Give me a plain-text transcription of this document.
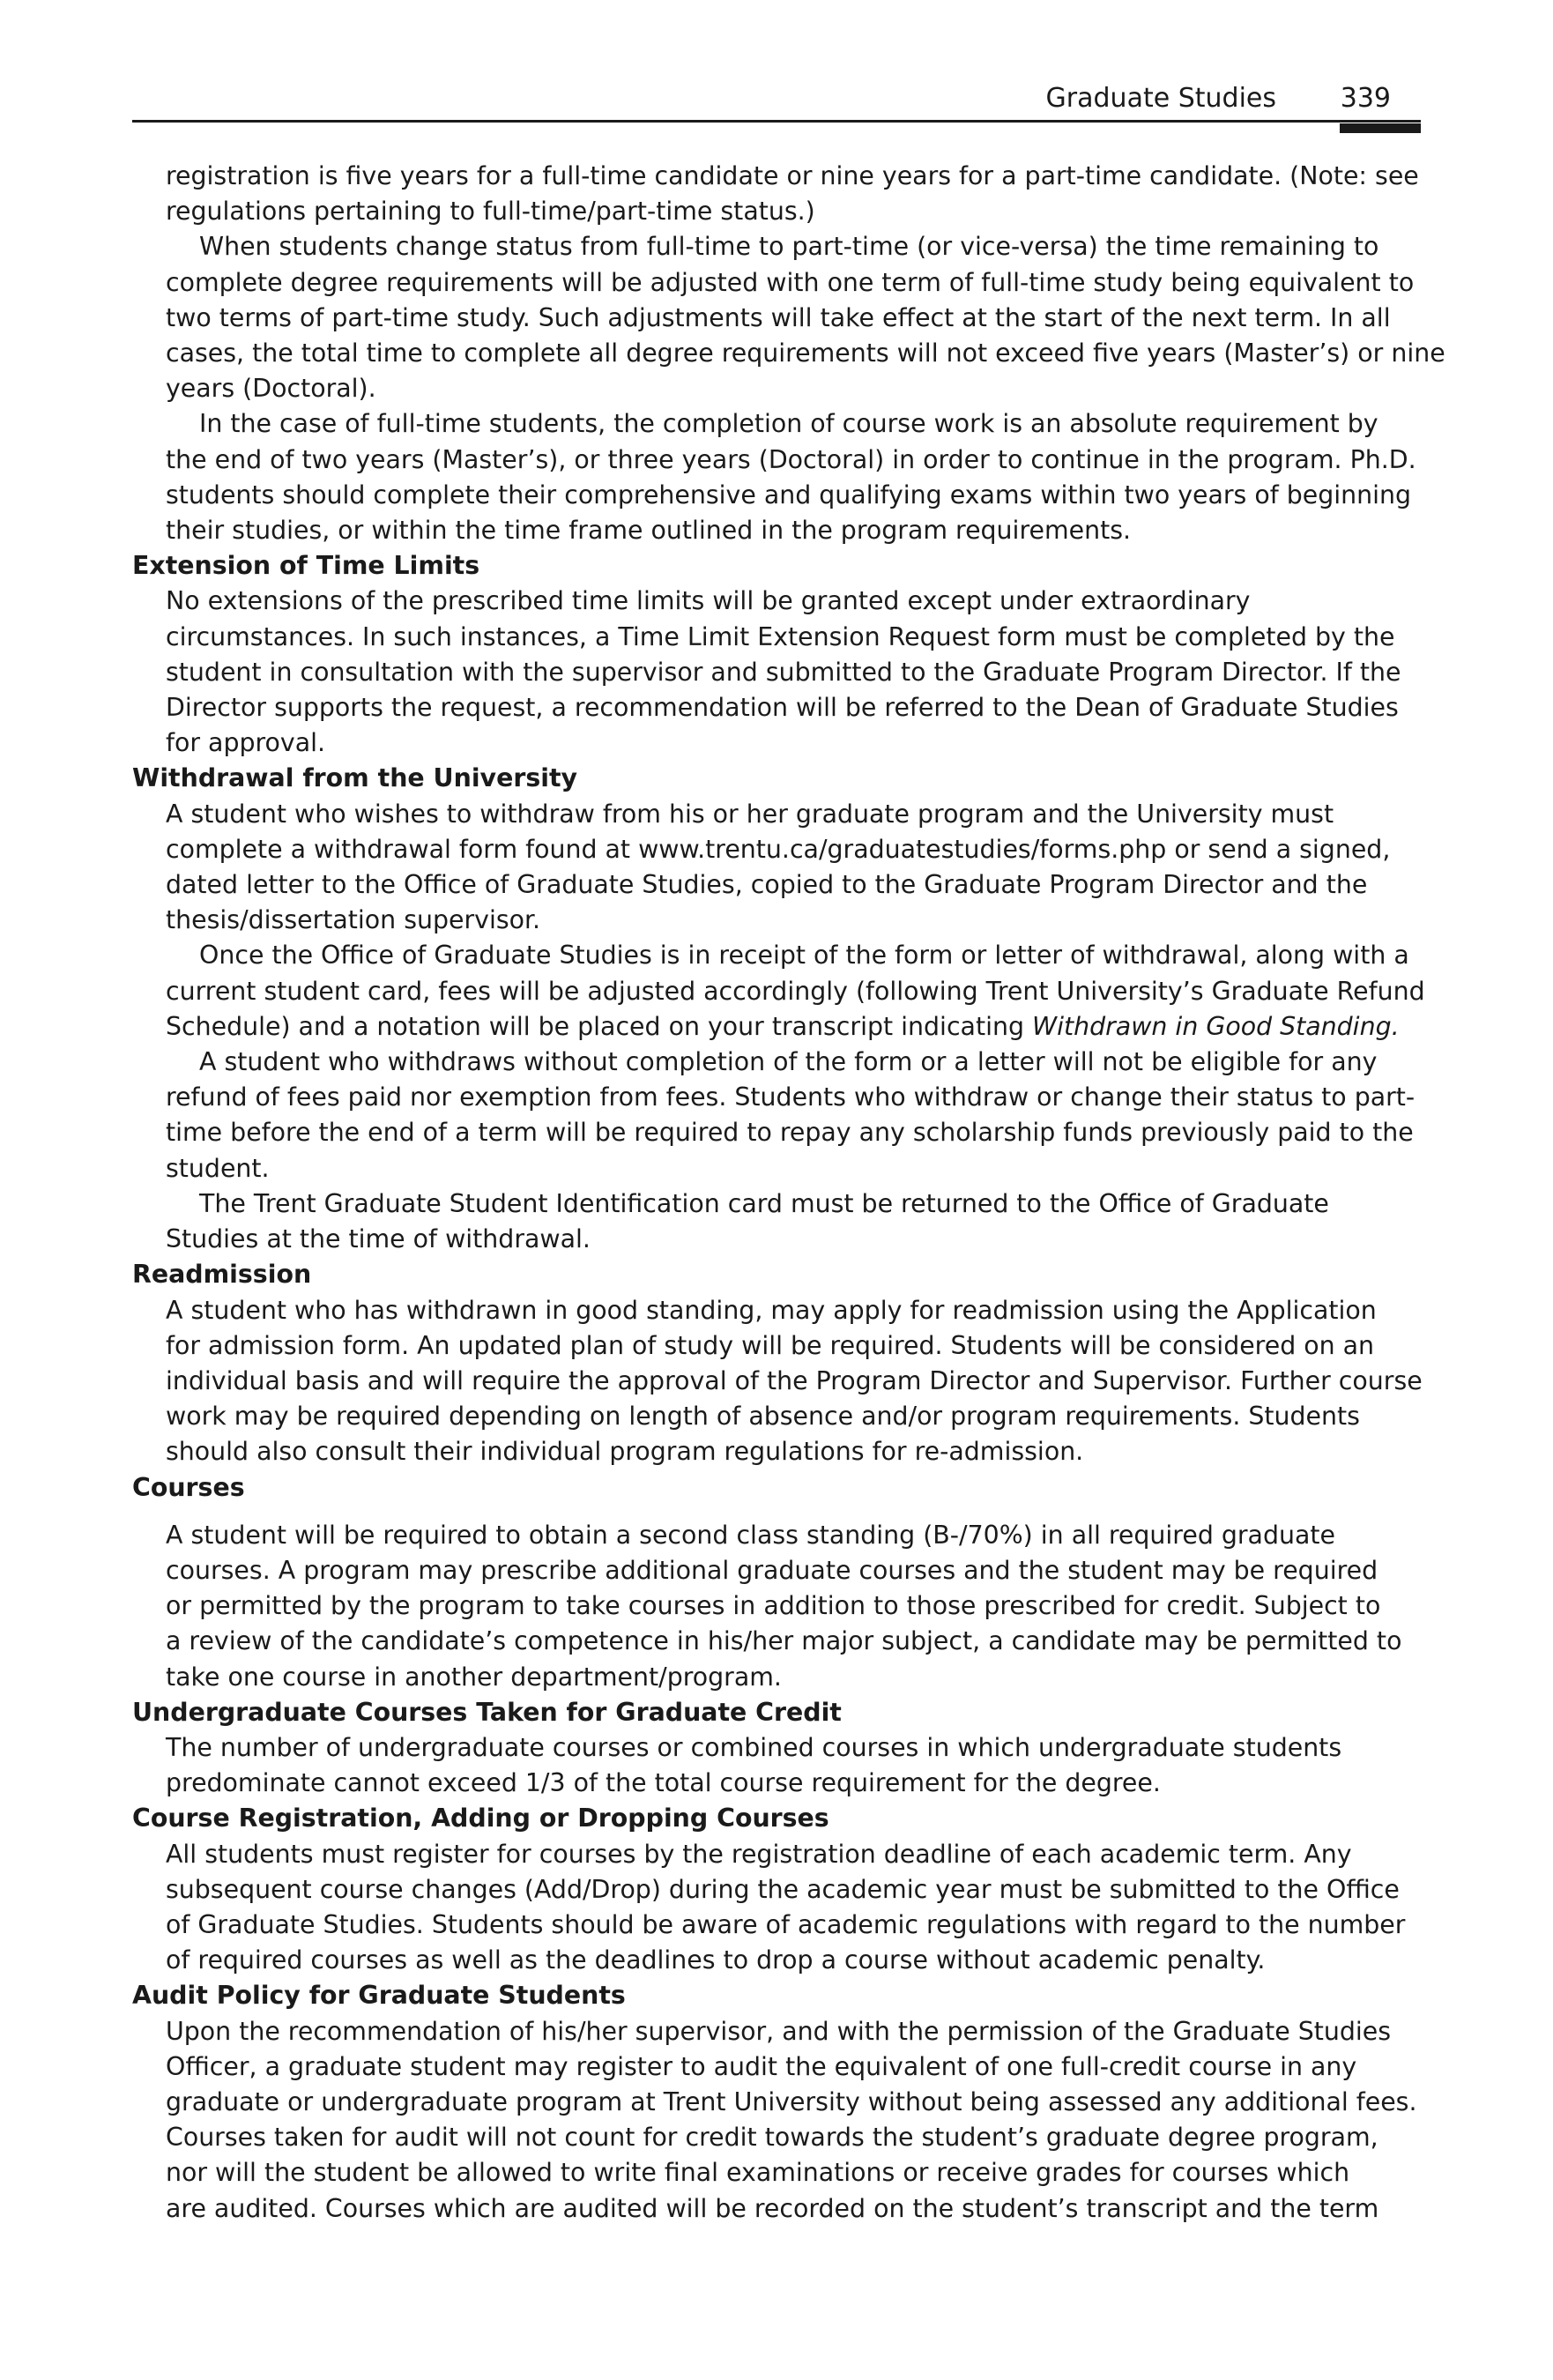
Graduate Studies 339

registration is five years for a full-time candidate or nine years for a part-time candidate. (Note: see
regulations pertaining to full-time/part-time status.)

When students change status from full-time to part-time (or vice-versa) the time remaining to
complete degree requirements will be adjusted with one term of full-time study being equivalent to
two terms of part-time study. Such adjustments will take effect at the start of the next term. In all
cases, the total time to complete all degree requirements will not exceed five years (Master’s) or nine
years (Doctoral).

In the case of full-time students, the completion of course work is an absolute requirement by
the end of two years (Master’s), or three years (Doctoral) in order to continue in the program. Ph.D.
students should complete their comprehensive and qualifying exams within two years of beginning
their studies, or within the time frame outlined in the program requirements.

Extension of Time Limits

No extensions of the prescribed time limits will be granted except under extraordinary
circumstances. In such instances, a Time Limit Extension Request form must be completed by the
student in consultation with the supervisor and submitted to the Graduate Program Director. If the
Director supports the request, a recommendation will be referred to the Dean of Graduate Studies
for approval.

Withdrawal from the University

A student who wishes to withdraw from his or her graduate program and the University must
complete a withdrawal form found at www.trentu.ca/graduatestudies/forms.php or send a signed,
dated letter to the Office of Graduate Studies, copied to the Graduate Program Director and the
thesis/dissertation supervisor.

Once the Office of Graduate Studies is in receipt of the form or letter of withdrawal, along with a
current student card, fees will be adjusted accordingly (following Trent University’s Graduate Refund
Schedule) and a notation will be placed on your transcript indicating Withdrawn in Good Standing.

A student who withdraws without completion of the form or a letter will not be eligible for any
refund of fees paid nor exemption from fees. Students who withdraw or change their status to part-
time before the end of a term will be required to repay any scholarship funds previously paid to the
student.

The Trent Graduate Student Identification card must be returned to the Office of Graduate
Studies at the time of withdrawal.

Readmission

A student who has withdrawn in good standing, may apply for readmission using the Application
for admission form. An updated plan of study will be required. Students will be considered on an
individual basis and will require the approval of the Program Director and Supervisor. Further course
work may be required depending on length of absence and/or program requirements. Students
should also consult their individual program regulations for re-admission.

Courses

A student will be required to obtain a second class standing (B-/70%) in all required graduate
courses. A program may prescribe additional graduate courses and the student may be required
or permitted by the program to take courses in addition to those prescribed for credit. Subject to
a review of the candidate’s competence in his/her major subject, a candidate may be permitted to
take one course in another department/program.

Undergraduate Courses Taken for Graduate Credit

The number of undergraduate courses or combined courses in which undergraduate students
predominate cannot exceed 1/3 of the total course requirement for the degree.

Course Registration, Adding or Dropping Courses

All students must register for courses by the registration deadline of each academic term. Any
subsequent course changes (Add/Drop) during the academic year must be submitted to the Office
of Graduate Studies. Students should be aware of academic regulations with regard to the number
of required courses as well as the deadlines to drop a course without academic penalty.

Audit Policy for Graduate Students

Upon the recommendation of his/her supervisor, and with the permission of the Graduate Studies
Officer, a graduate student may register to audit the equivalent of one full-credit course in any
graduate or undergraduate program at Trent University without being assessed any additional fees.
Courses taken for audit will not count for credit towards the student’s graduate degree program,
nor will the student be allowed to write final examinations or receive grades for courses which
are audited. Courses which are audited will be recorded on the student’s transcript and the term
